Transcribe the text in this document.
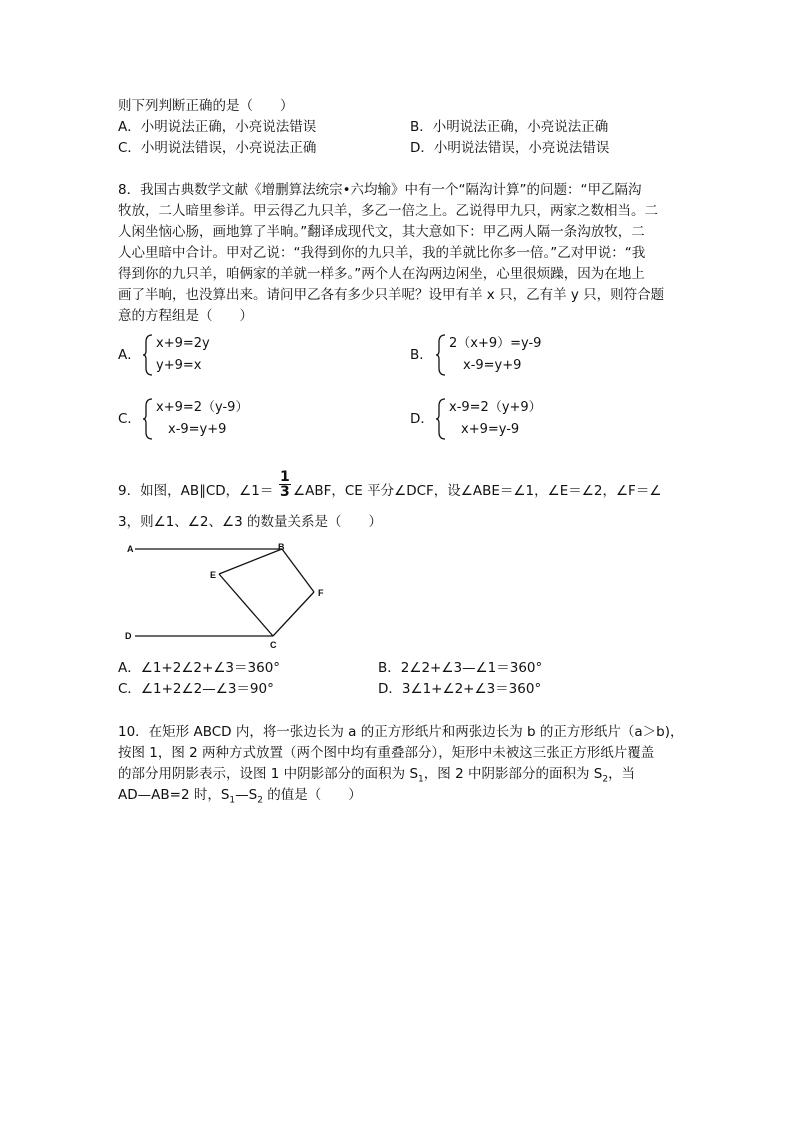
则下列判断正确的是（　　）
A．小明说法正确，小亮说法错误	B．小明说法正确，小亮说法正确
C．小明说法错误，小亮说法正确	D．小明说法错误，小亮说法错误
8．我国古典数学文献《增删算法统宗•六均输》中有一个“隔沟计算”的问题：“甲乙隔沟
牧放，二人暗里参详。甲云得乙九只羊，多乙一倍之上。乙说得甲九只，两家之数相当。二
人闲坐恼心肠，画地算了半晌。”翻译成现代文，其大意如下：甲乙两人隔一条沟放牧，二
人心里暗中合计。甲对乙说：“我得到你的九只羊，我的羊就比你多一倍。”乙对甲说：“我
得到你的九只羊，咱俩家的羊就一样多。”两个人在沟两边闲坐，心里很烦躁，因为在地上
画了半晌，也没算出来。请问甲乙各有多少只羊呢？设甲有羊 x 只，乙有羊 y 只，则符合题
意的方程组是（　　）
A．
x+9=2y
y+9=x
B．
2（x+9）=y-9
x-9=y+9
C．
x+9=2（y-9）
x-9=y+9
D．
x-9=2（y+9）
x+9=y-9
9．如图，AB∥CD，∠1＝ $\frac{1}{3}$ ∠ABF，CE 平分∠DCF，设∠ABE＝∠1，∠E＝∠2，∠F＝∠
3，则∠1、∠2、∠3 的数量关系是（　　）
A	B
E
F
D
C
A．∠1+2∠2+∠3＝360°	B．2∠2+∠3—∠1＝360°
C．∠1+2∠2—∠3＝90°	D．3∠1+∠2+∠3＝360°
10．在矩形 ABCD 内，将一张边长为 a 的正方形纸片和两张边长为 b 的正方形纸片（a＞b)，
按图 1，图 2 两种方式放置（两个图中均有重叠部分），矩形中未被这三张正方形纸片覆盖
的部分用阴影表示，设图 1 中阴影部分的面积为 $S_1$，图 2 中阴影部分的面积为 $S_2$，当
AD—AB=2 时，$S_1—S_2$ 的值是（　　）
